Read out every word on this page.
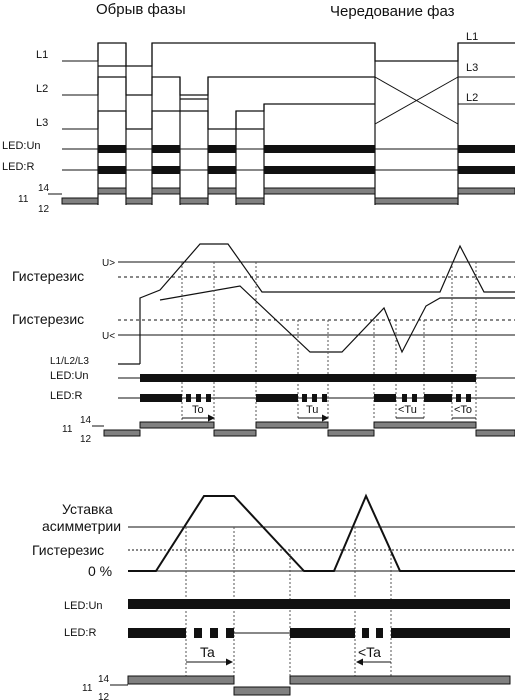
Обрыв фазы	Чередование фаз
L1
L2
L3
LED:Un
LED:R
14
11
12
L1
L3
L2
U>
Гистерезис
Гистерезис
U<
L1/L2/L3
LED:Un
LED:R
14
11
12
To	Tu	<Tu	<To
Уставка
асимметрии
Гистерезис
0 %
LED:Un
LED:R
14
11
12
Ta	<Ta
